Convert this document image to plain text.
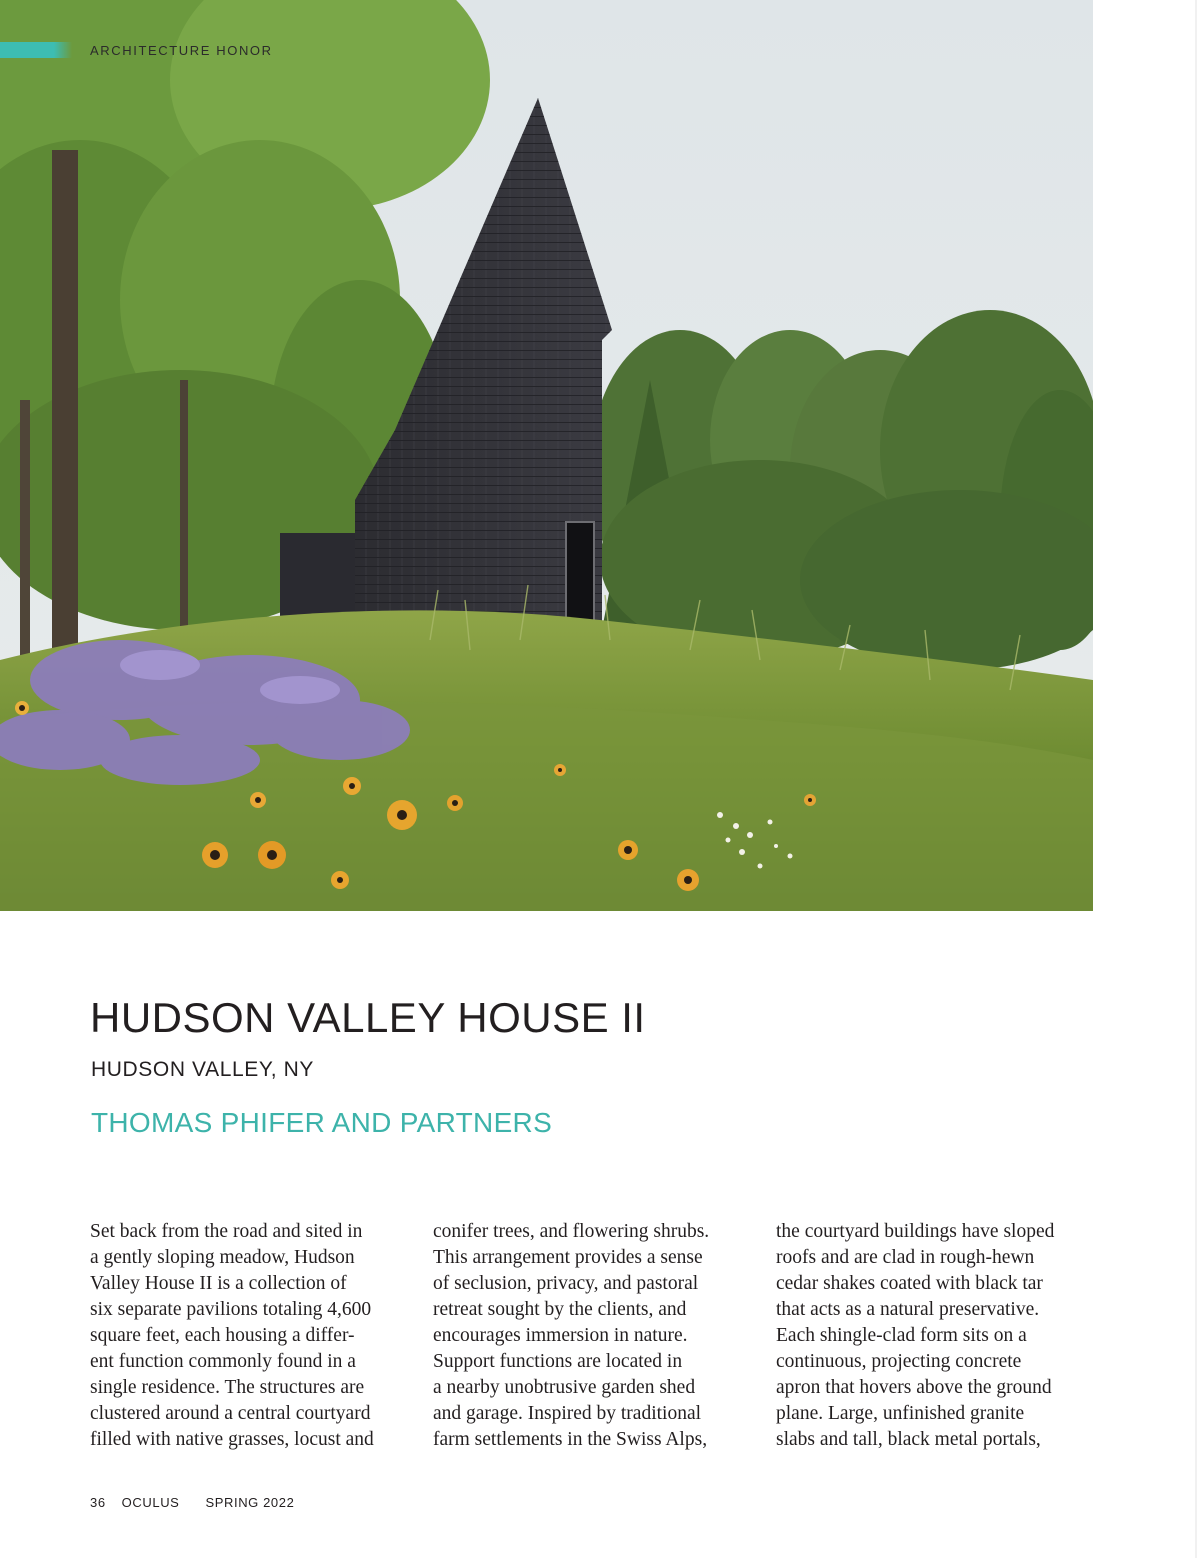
ARCHITECTURE HONOR
HUDSON VALLEY HOUSE II
HUDSON VALLEY, NY
THOMAS PHIFER AND PARTNERS
Set back from the road and sited in
a gently sloping meadow, Hudson
Valley House II is a collection of
six separate pavilions totaling 4,600
square feet, each housing a differ-
ent function commonly found in a
single residence. The structures are
clustered around a central courtyard
filled with native grasses, locust and
conifer trees, and flowering shrubs.
This arrangement provides a sense
of seclusion, privacy, and pastoral
retreat sought by the clients, and
encourages immersion in nature.
Support functions are located in
a nearby unobtrusive garden shed
and garage. Inspired by traditional
farm settlements in the Swiss Alps,
the courtyard buildings have sloped
roofs and are clad in rough-hewn
cedar shakes coated with black tar
that acts as a natural preservative.
Each shingle-clad form sits on a
continuous, projecting concrete
apron that hovers above the ground
plane. Large, unfinished granite
slabs and tall, black metal portals,
36 OCULUS SPRING 2022
